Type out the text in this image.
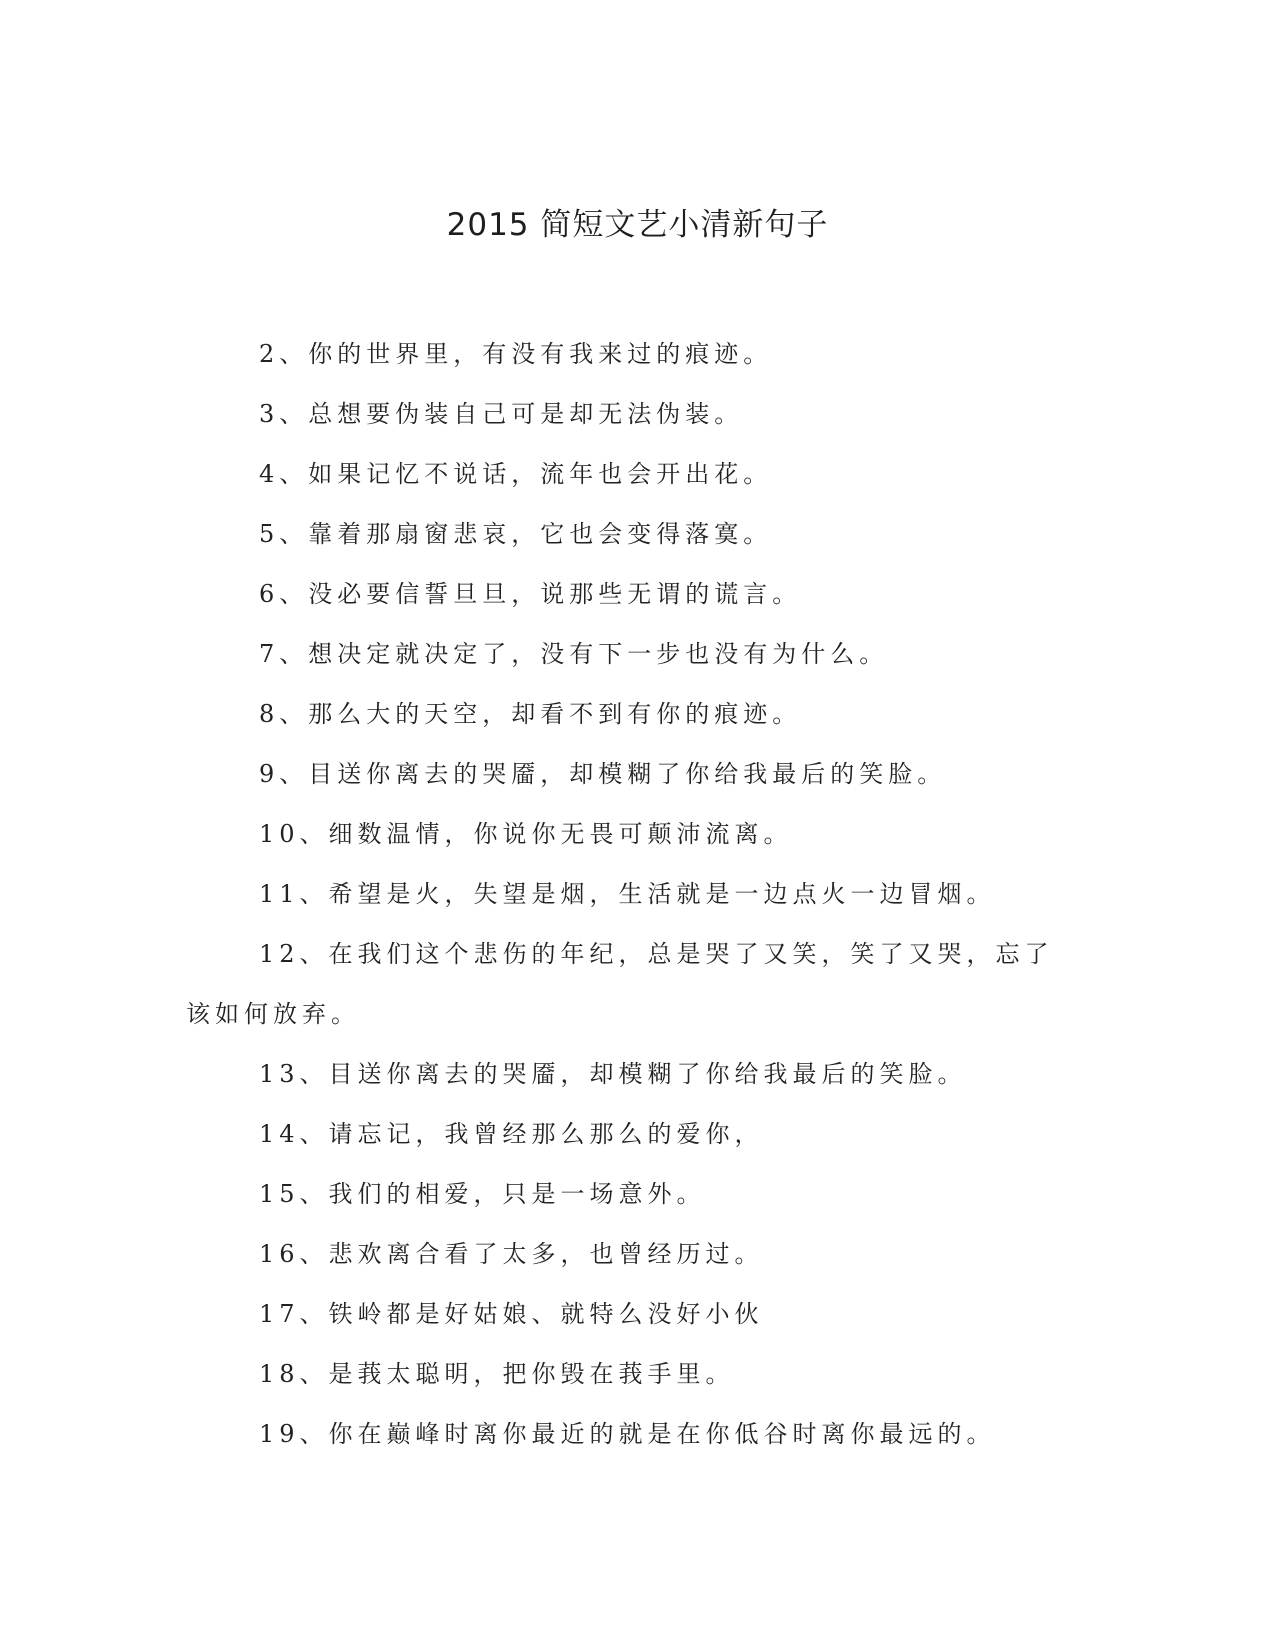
2015 简短文艺小清新句子

2、你的世界里，有没有我来过的痕迹。

3、总想要伪装自己可是却无法伪装。

4、如果记忆不说话，流年也会开出花。

5、靠着那扇窗悲哀，它也会变得落寞。

6、没必要信誓旦旦，说那些无谓的谎言。

7、想决定就决定了，没有下一步也没有为什么。

8、那么大的天空，却看不到有你的痕迹。

9、目送你离去的哭靥，却模糊了你给我最后的笑脸。

10、细数温情，你说你无畏可颠沛流离。

11、希望是火，失望是烟，生活就是一边点火一边冒烟。

12、在我们这个悲伤的年纪，总是哭了又笑，笑了又哭，忘了该如何放弃。

13、目送你离去的哭靥，却模糊了你给我最后的笑脸。

14、请忘记，我曾经那么那么的爱你，

15、我们的相爱，只是一场意外。

16、悲欢离合看了太多，也曾经历过。

17、铁岭都是好姑娘、就特么没好小伙

18、是莪太聪明，把你毁在莪手里。

19、你在巅峰时离你最近的就是在你低谷时离你最远的。
